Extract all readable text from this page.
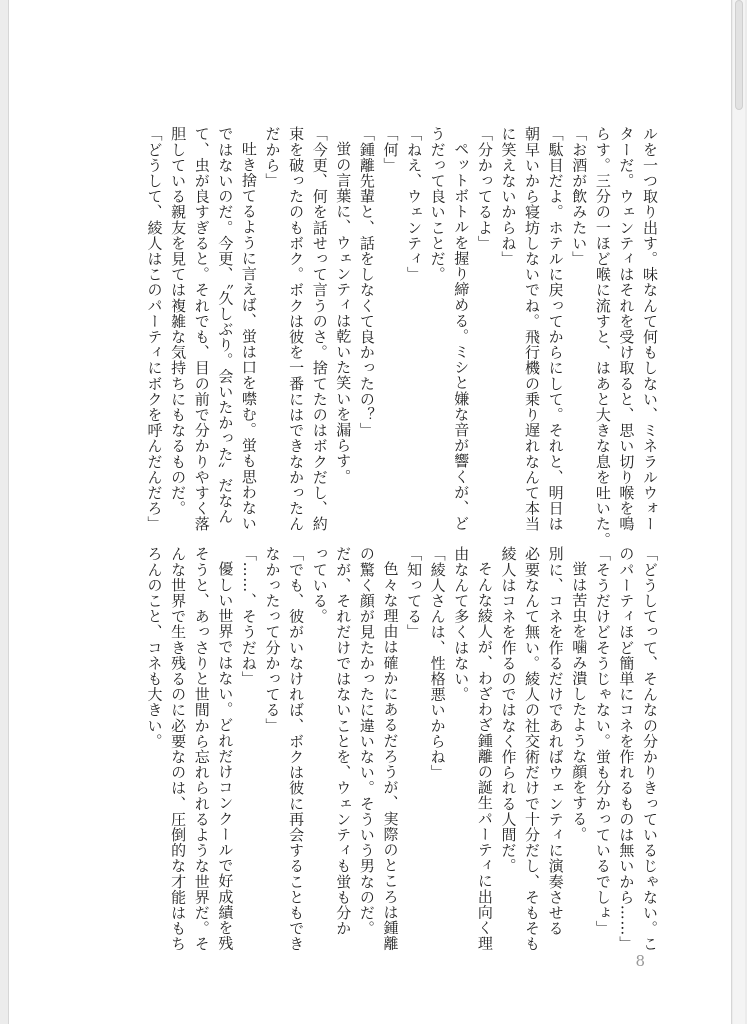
ルを一つ取り出す。味なんて何もしない、ミネラルウォー
ターだ。ウェンティはそれを受け取ると、思い切り喉を鳴
らす。三分の一ほど喉に流すと、はあと大きな息を吐いた。
「お酒が飲みたい」
「駄目だよ。ホテルに戻ってからにして。それと、明日は
朝早いから寝坊しないでね。飛行機の乗り遅れなんて本当
に笑えないからね」
「分かってるよ」
ペットボトルを握り締める。ミシと嫌な音が響くが、ど
うだって良いことだ。
「ねえ、ウェンティ」
「何」
「鍾離先輩と、話をしなくて良かったの？」
蛍の言葉に、ウェンティは乾いた笑いを漏らす。
「今更、何を話せって言うのさ。捨てたのはボクだし、約
束を破ったのもボク。ボクは彼を一番にはできなかったん
だから」
吐き捨てるように言えば、蛍は口を噤む。蛍も思わない
ではないのだ。今更、〝久しぶり。会いたかった〟だなん
て、虫が良すぎると。それでも、目の前で分かりやすく落
胆している親友を見ては複雑な気持ちにもなるものだ。
「どうして、綾人はこのパーティにボクを呼んだんだろ」
「どうしてって、そんなの分かりきっているじゃない。こ
のパーティほど簡単にコネを作れるものは無いから……」
「そうだけどそうじゃない。蛍も分かっているでしょ」
蛍は苦虫を噛み潰したような顔をする。
別に、コネを作るだけであればウェンティに演奏させる
必要なんて無い。綾人の社交術だけで十分だし、そもそも
綾人はコネを作るのではなく作られる人間だ。
そんな綾人が、わざわざ鍾離の誕生パーティに出向く理
由なんて多くはない。
「綾人さんは、性格悪いからね」
「知ってる」
色々な理由は確かにあるだろうが、実際のところは鍾離
の驚く顔が見たかったに違いない。そういう男なのだ。
だが、それだけではないことを、ウェンティも蛍も分か
っている。
「でも、彼がいなければ、ボクは彼に再会することもでき
なかったって分かってる」
「……、そうだね」
優しい世界ではない。どれだけコンクールで好成績を残
そうと、あっさりと世間から忘れられるような世界だ。そ
んな世界で生き残るのに必要なのは、圧倒的な才能はもち
ろんのこと、コネも大きい。
8
